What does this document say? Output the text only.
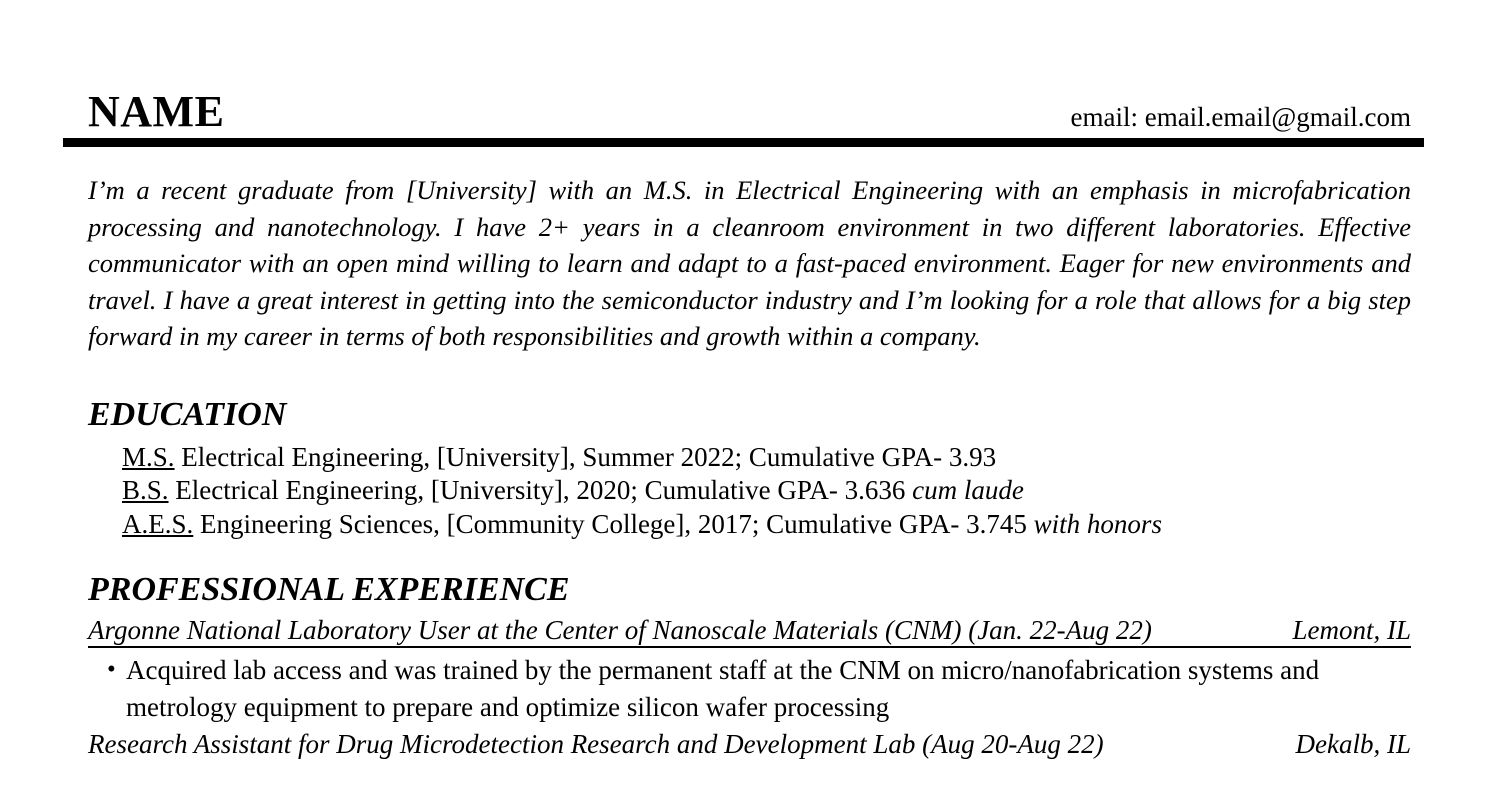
NAME	email: email.email@gmail.com

I’m a recent graduate from [University] with an M.S. in Electrical Engineering with an emphasis in microfabrication processing and nanotechnology. I have 2+ years in a cleanroom environment in two different laboratories. Effective communicator with an open mind willing to learn and adapt to a fast-paced environment. Eager for new environments and travel. I have a great interest in getting into the semiconductor industry and I’m looking for a role that allows for a big step forward in my career in terms of both responsibilities and growth within a company.

EDUCATION
M.S. Electrical Engineering, [University], Summer 2022; Cumulative GPA- 3.93
B.S. Electrical Engineering, [University], 2020; Cumulative GPA- 3.636 cum laude
A.E.S. Engineering Sciences, [Community College], 2017; Cumulative GPA- 3.745 with honors
PROFESSIONAL EXPERIENCE
Argonne National Laboratory User at the Center of Nanoscale Materials (CNM) (Jan. 22-Aug 22)	Lemont, IL
• Acquired lab access and was trained by the permanent staff at the CNM on micro/nanofabrication systems and metrology equipment to prepare and optimize silicon wafer processing
Research Assistant for Drug Microdetection Research and Development Lab (Aug 20-Aug 22)	Dekalb, IL
